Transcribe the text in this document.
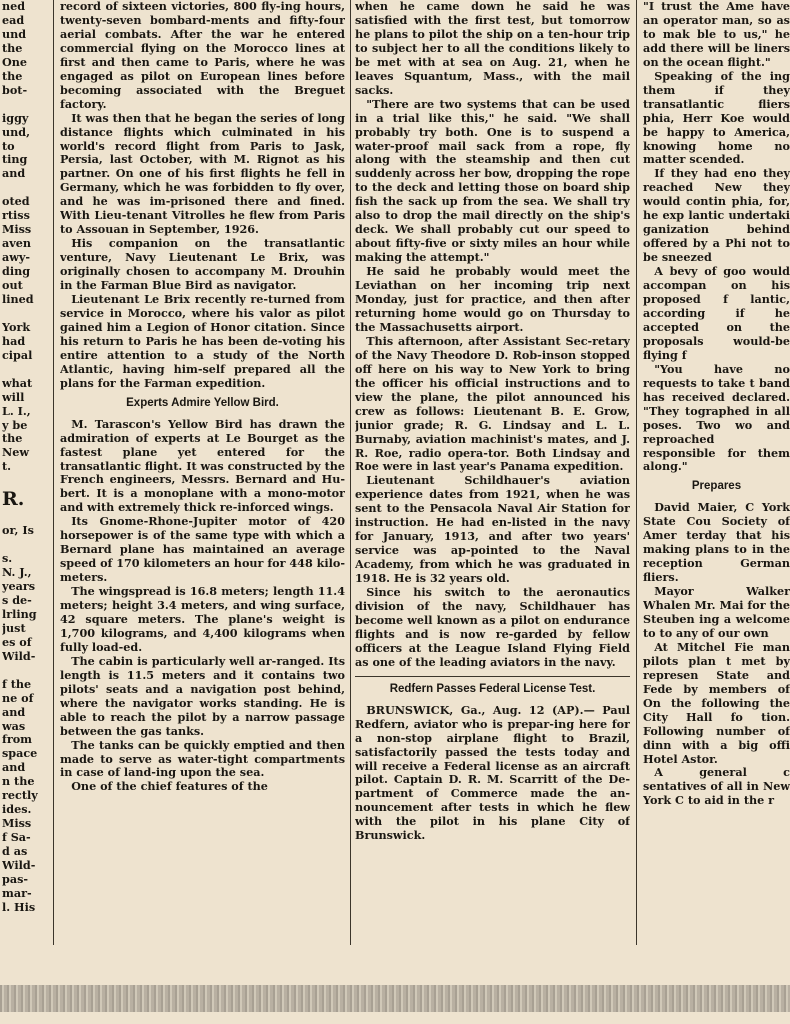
ned
ead
und
the
One
the
bot-
iggy
und,
to
ting
and
oted
rtiss
Miss
aven
awy-
ding
out
lined
York
had
cipal
what
will
L. I.,
y be
the
New
t.
R.
or, Is
s.
N. J.,
years
s de-
lrling
just
es of
Wild-
f the
ne of
and
was
from
space
and
n the
rectly
ides.
Miss
f Sa-
d as
Wild-
pas-
mar-
l. His

record of sixteen victories, 800 fly-ing hours, twenty-seven bombard-ments and fifty-four aerial combats. After the war he entered commercial flying on the Morocco lines at first and then came to Paris, where he was engaged as pilot on European lines before becoming associated with the Breguet factory.

It was then that he began the series of long distance flights which culminated in his world's record flight from Paris to Jask, Persia, last October, with M. Rignot as his partner. On one of his first flights he fell in Germany, which he was forbidden to fly over, and he was im-prisoned there and fined. With Lieu-tenant Vitrolles he flew from Paris to Assouan in September, 1926.

His companion on the transatlantic venture, Navy Lieutenant Le Brix, was originally chosen to accompany M. Drouhin in the Farman Blue Bird as navigator.

Lieutenant Le Brix recently re-turned from service in Morocco, where his valor as pilot gained him a Legion of Honor citation. Since his return to Paris he has been de-voting his entire attention to a study of the North Atlantic, having him-self prepared all the plans for the Farman expedition.

Experts Admire Yellow Bird.

M. Tarascon's Yellow Bird has drawn the admiration of experts at Le Bourget as the fastest plane yet entered for the transatlantic flight. It was constructed by the French engineers, Messrs. Bernard and Hu-bert. It is a monoplane with a mono-motor and with extremely thick re-inforced wings.

Its Gnome-Rhone-Jupiter motor of 420 horsepower is of the same type with which a Bernard plane has maintained an average speed of 170 kilometers an hour for 448 kilo-meters.

The wingspread is 16.8 meters; length 11.4 meters; height 3.4 meters, and wing surface, 42 square meters. The plane's weight is 1,700 kilograms, and 4,400 kilograms when fully load-ed.

The cabin is particularly well ar-ranged. Its length is 11.5 meters and it contains two pilots' seats and a navigation post behind, where the navigator works standing. He is able to reach the pilot by a narrow passage between the gas tanks.

The tanks can be quickly emptied and then made to serve as water-tight compartments in case of land-ing upon the sea.

One of the chief features of the

when he came down he said he was satisfied with the first test, but tomorrow he plans to pilot the ship on a ten-hour trip to subject her to all the conditions likely to be met with at sea on Aug. 21, when he leaves Squantum, Mass., with the mail sacks.

"There are two systems that can be used in a trial like this," he said. "We shall probably try both. One is to suspend a water-proof mail sack from a rope, fly along with the steamship and then cut suddenly across her bow, dropping the rope to the deck and letting those on board ship fish the sack up from the sea. We shall try also to drop the mail directly on the ship's deck. We shall probably cut our speed to about fifty-five or sixty miles an hour while making the attempt."

He said he probably would meet the Leviathan on her incoming trip next Monday, just for practice, and then after returning home would go on Thursday to the Massachusetts airport.

This afternoon, after Assistant Sec-retary of the Navy Theodore D. Rob-inson stopped off here on his way to New York to bring the officer his official instructions and to view the plane, the pilot announced his crew as follows: Lieutenant B. E. Grow, junior grade; R. G. Lindsay and L. L. Burnaby, aviation machinist's mates, and J. R. Roe, radio opera-tor. Both Lindsay and Roe were in last year's Panama expedition.

Lieutenant Schildhauer's aviation experience dates from 1921, when he was sent to the Pensacola Naval Air Station for instruction. He had en-listed in the navy for January, 1913, and after two years' service was ap-pointed to the Naval Academy, from which he was graduated in 1918. He is 32 years old.

Since his switch to the aeronautics division of the navy, Schildhauer has become well known as a pilot on endurance flights and is now re-garded by fellow officers at the League Island Flying Field as one of the leading aviators in the navy.

Redfern Passes Federal License Test.

BRUNSWICK, Ga., Aug. 12 (AP).— Paul Redfern, aviator who is prepar-ing here for a non-stop airplane flight to Brazil, satisfactorily passed the tests today and will receive a Federal license as an aircraft pilot. Captain D. R. M. Scarritt of the De-partment of Commerce made the an-nouncement after tests in which he flew with the pilot in his plane City of Brunswick.

"I trust the Ame have an operator man, so as to mak ble to us," he add there will be liners on the ocean flight."

Speaking of the ing them if they transatlantic fliers phia, Herr Koe would be happy to America, knowing home no matter scended.

If they had eno they reached New they would contin phia, for, he exp lantic undertaki ganization behind offered by a Phi not to be sneezed

A bevy of goo would accompan on his proposed f lantic, according if he accepted on the proposals would-be flying f

"You have no requests to take t band has received declared. "They tographed in all poses. Two wo and reproached responsible for them along."

Prepares

David Maier, C York State Cou Society of Amer terday that his making plans to in the reception German fliers.

Mayor Walker Whalen Mr. Mai for the Steuben ing a welcome to to any of our own

At Mitchel Fie man pilots plan t met by represen State and Fede by members of On the following the City Hall fo tion. Following number of dinn with a big offi Hotel Astor.

A general c sentatives of all in New York C to aid in the r
